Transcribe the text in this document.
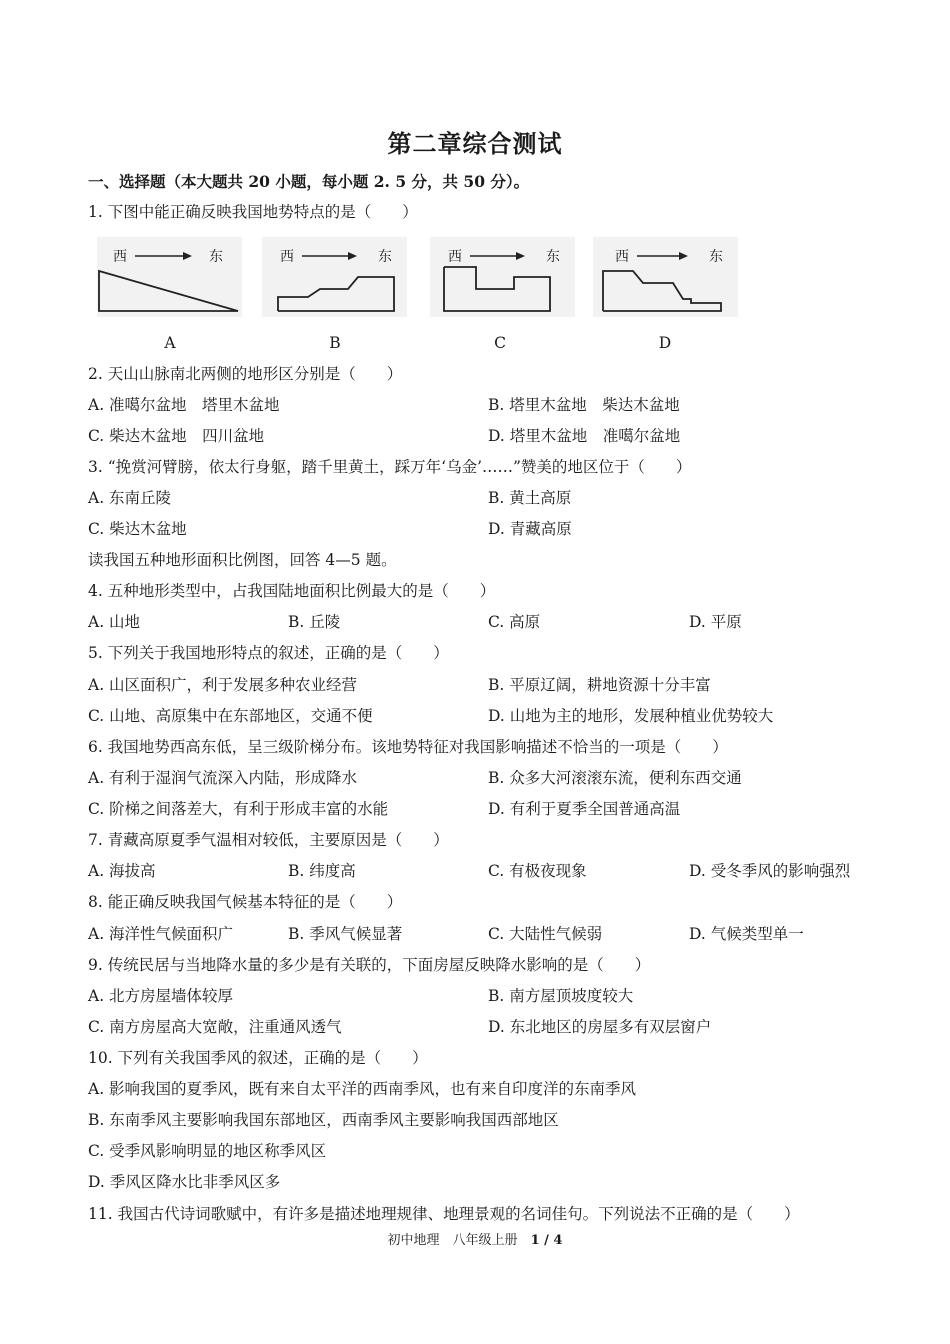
第二章综合测试
一、选择题（本大题共 20 小题，每小题 2. 5 分，共 50 分）。
1. 下图中能正确反映我国地势特点的是（　　）
西	东	西	东	西	东	西	东
A	B	C	D
2. 天山山脉南北两侧的地形区分别是（　　）
A. 准噶尔盆地　塔里木盆地	B. 塔里木盆地　柴达木盆地
C. 柴达木盆地　四川盆地	D. 塔里木盆地　准噶尔盆地
3. “挽赏河臂膀，依太行身躯，踏千里黄土，踩万年‘乌金’……”赞美的地区位于（　　）
A. 东南丘陵	B. 黄土高原
C. 柴达木盆地	D. 青藏高原
读我国五种地形面积比例图，回答 4—5 题。
4. 五种地形类型中，占我国陆地面积比例最大的是（　　）
A. 山地	B. 丘陵	C. 高原	D. 平原
5. 下列关于我国地形特点的叙述，正确的是（　　）
A. 山区面积广，利于发展多种农业经营	B. 平原辽阔，耕地资源十分丰富
C. 山地、高原集中在东部地区，交通不便	D. 山地为主的地形，发展种植业优势较大
6. 我国地势西高东低，呈三级阶梯分布。该地势特征对我国影响描述不恰当的一项是（　　）
A. 有利于湿润气流深入内陆，形成降水	B. 众多大河滚滚东流，便利东西交通
C. 阶梯之间落差大，有利于形成丰富的水能	D. 有利于夏季全国普通高温
7. 青藏高原夏季气温相对较低，主要原因是（　　）
A. 海拔高	B. 纬度高	C. 有极夜现象	D. 受冬季风的影响强烈
8. 能正确反映我国气候基本特征的是（　　）
A. 海洋性气候面积广	B. 季风气候显著	C. 大陆性气候弱	D. 气候类型单一
9. 传统民居与当地降水量的多少是有关联的，下面房屋反映降水影响的是（　　）
A. 北方房屋墙体较厚	B. 南方屋顶坡度较大
C. 南方房屋高大宽敞，注重通风透气	D. 东北地区的房屋多有双层窗户
10. 下列有关我国季风的叙述，正确的是（　　）
A. 影响我国的夏季风，既有来自太平洋的西南季风，也有来自印度洋的东南季风
B. 东南季风主要影响我国东部地区，西南季风主要影响我国西部地区
C. 受季风影响明显的地区称季风区
D. 季风区降水比非季风区多
11. 我国古代诗词歌赋中，有许多是描述地理规律、地理景观的名词佳句。下列说法不正确的是（　　）
初中地理　八年级上册　1 / 4
